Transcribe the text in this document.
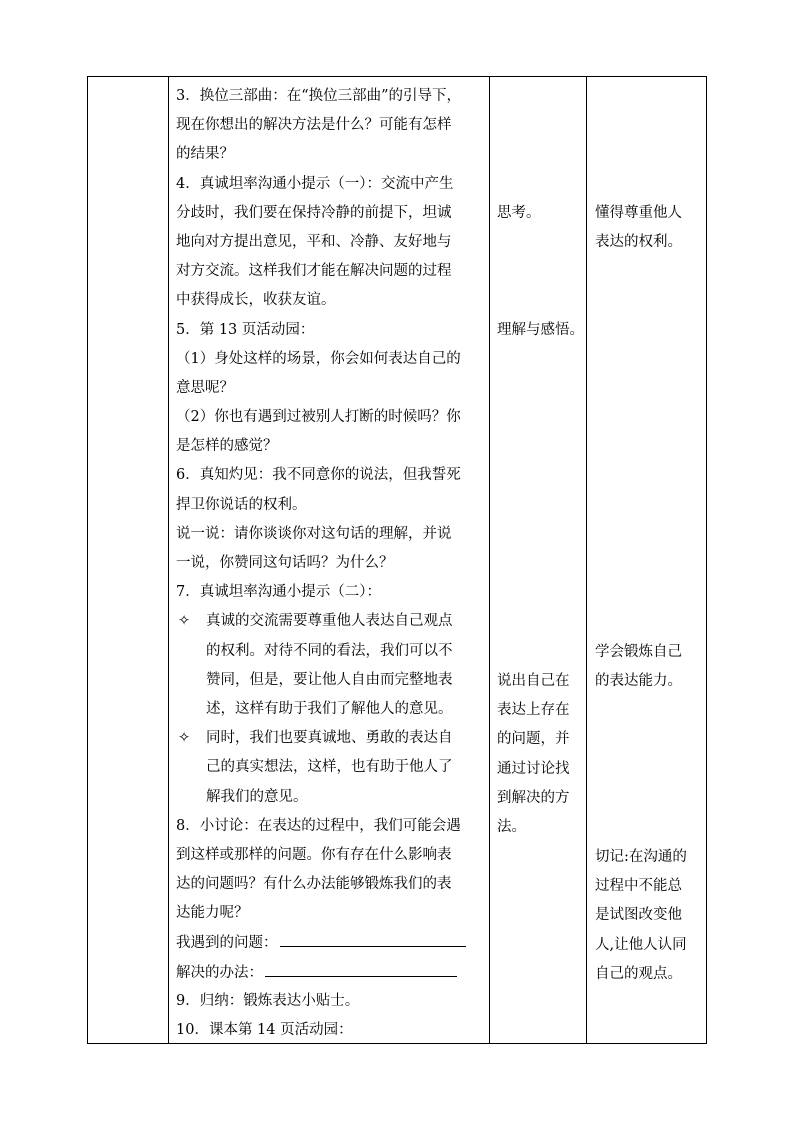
3．换位三部曲：在“换位三部曲”的引导下，
现在你想出的解决方法是什么？可能有怎样
的结果？
4．真诚坦率沟通小提示（一）：交流中产生
分歧时，我们要在保持冷静的前提下，坦诚
地向对方提出意见，平和、冷静、友好地与
对方交流。这样我们才能在解决问题的过程
中获得成长，收获友谊。
5．第 13 页活动园：
（1）身处这样的场景，你会如何表达自己的
意思呢？
（2）你也有遇到过被别人打断的时候吗？你
是怎样的感觉？
6．真知灼见：我不同意你的说法，但我誓死
捍卫你说话的权利。
说一说：请你谈谈你对这句话的理解，并说
一说，你赞同这句话吗？为什么？
7．真诚坦率沟通小提示（二）：
✧ 真诚的交流需要尊重他人表达自己观点
的权利。对待不同的看法，我们可以不
赞同，但是，要让他人自由而完整地表
述，这样有助于我们了解他人的意见。
✧ 同时，我们也要真诚地、勇敢的表达自
己的真实想法，这样，也有助于他人了
解我们的意见。
8．小讨论：在表达的过程中，我们可能会遇
到这样或那样的问题。你有存在什么影响表
达的问题吗？有什么办法能够锻炼我们的表
达能力呢？
我遇到的问题：
解决的办法：
9．归纳：锻炼表达小贴士。
10．课本第 14 页活动园：
思考。
理解与感悟。
说出自己在
表达上存在
的问题，并
通过讨论找
到解决的方
法。
懂得尊重他人
表达的权利。
学会锻炼自己
的表达能力。
切记:在沟通的
过程中不能总
是试图改变他
人,让他人认同
自己的观点。
